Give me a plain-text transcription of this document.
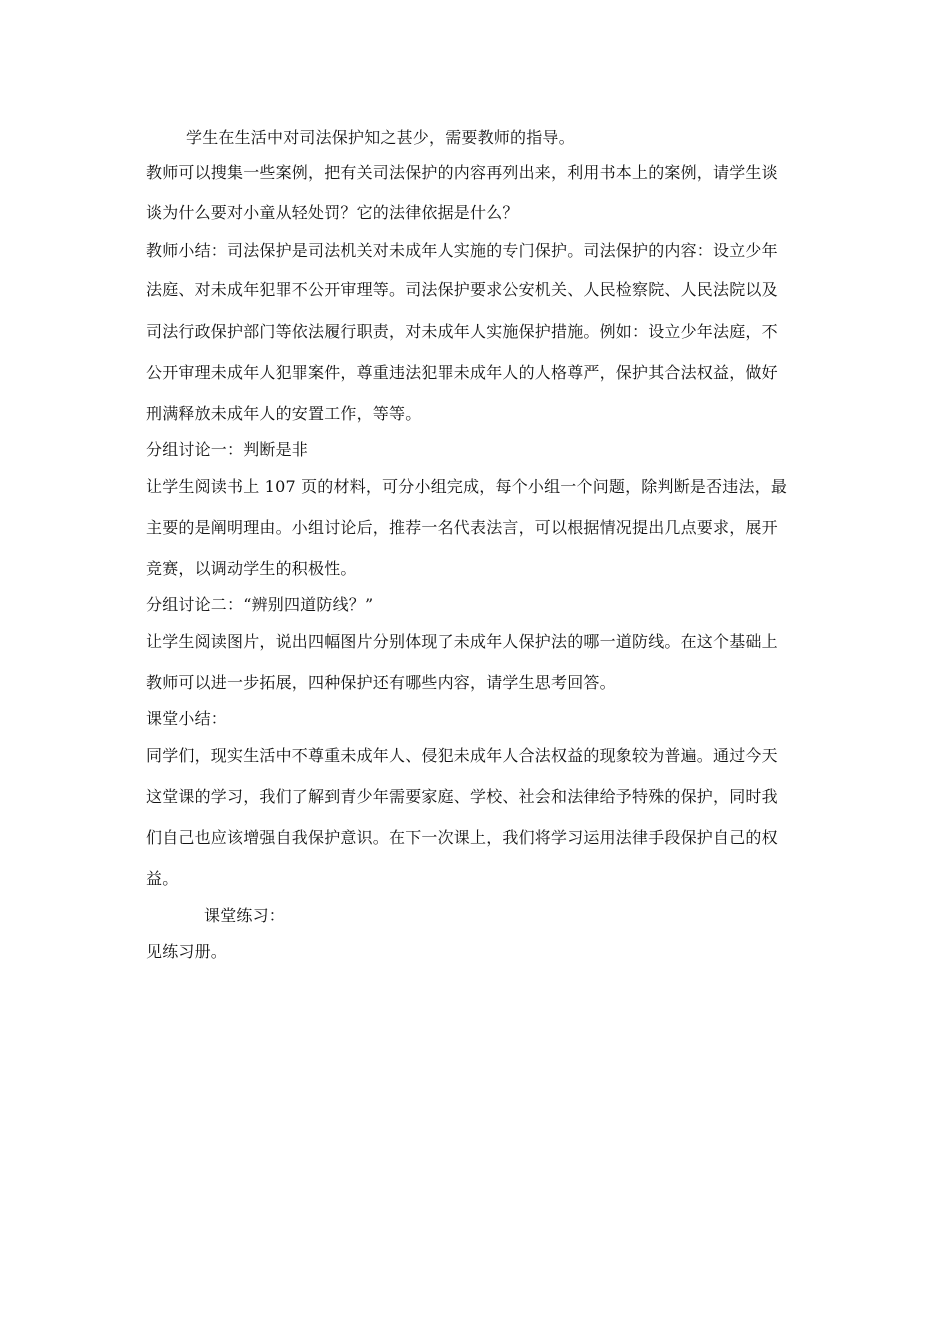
学生在生活中对司法保护知之甚少，需要教师的指导。
教师可以搜集一些案例，把有关司法保护的内容再列出来，利用书本上的案例，请学生谈
谈为什么要对小童从轻处罚？它的法律依据是什么？
教师小结：司法保护是司法机关对未成年人实施的专门保护。司法保护的内容：设立少年
法庭、对未成年犯罪不公开审理等。司法保护要求公安机关、人民检察院、人民法院以及
司法行政保护部门等依法履行职责，对未成年人实施保护措施。例如：设立少年法庭，不
公开审理未成年人犯罪案件，尊重违法犯罪未成年人的人格尊严，保护其合法权益，做好
刑满释放未成年人的安置工作，等等。
分组讨论一：判断是非
让学生阅读书上 107 页的材料，可分小组完成，每个小组一个问题，除判断是否违法，最
主要的是阐明理由。小组讨论后，推荐一名代表法言，可以根据情况提出几点要求，展开
竞赛，以调动学生的积极性。
分组讨论二：“辨别四道防线？”
让学生阅读图片，说出四幅图片分别体现了未成年人保护法的哪一道防线。在这个基础上
教师可以进一步拓展，四种保护还有哪些内容，请学生思考回答。
课堂小结：
同学们，现实生活中不尊重未成年人、侵犯未成年人合法权益的现象较为普遍。通过今天
这堂课的学习，我们了解到青少年需要家庭、学校、社会和法律给予特殊的保护，同时我
们自己也应该增强自我保护意识。在下一次课上，我们将学习运用法律手段保护自己的权
益。
课堂练习：
见练习册。
